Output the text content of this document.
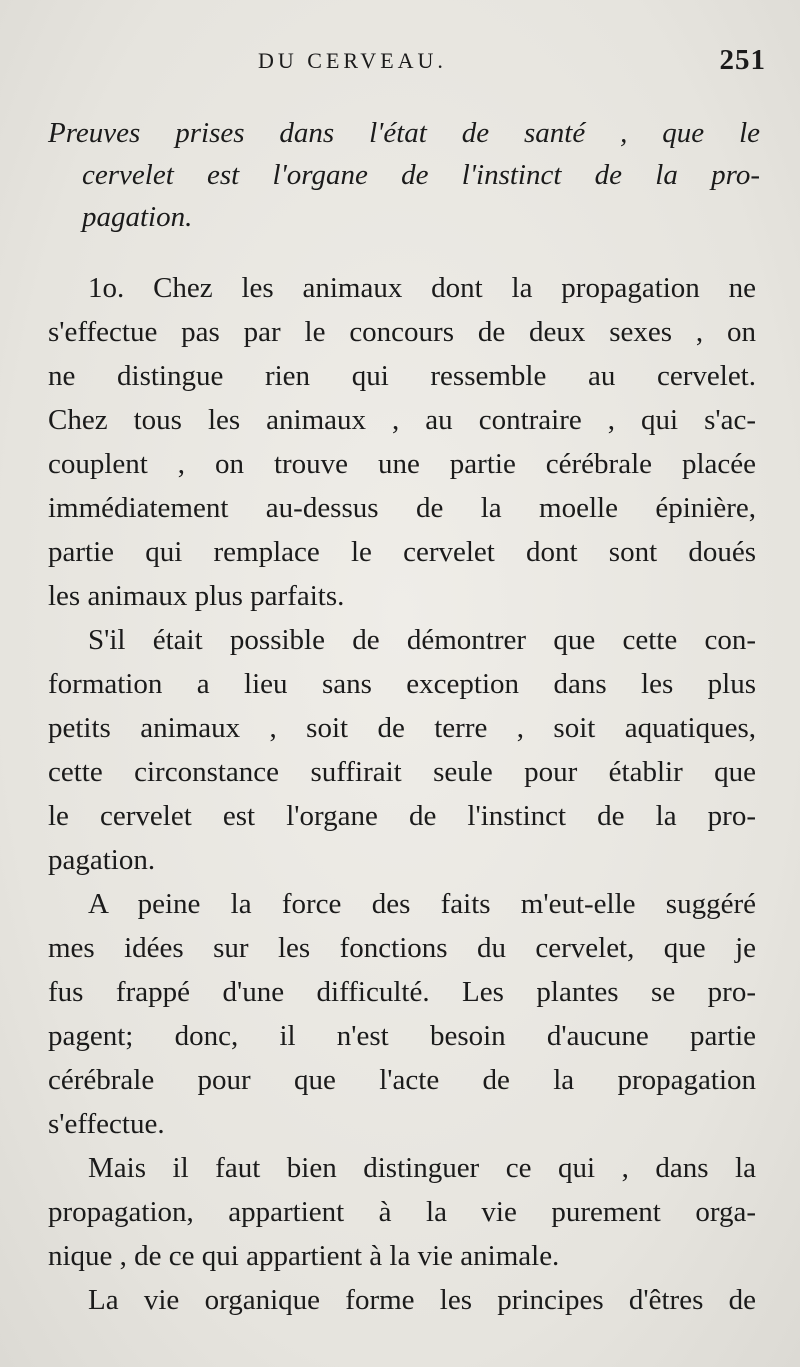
DU CERVEAU.	251
Preuves prises dans l'état de santé , que le
cervelet est l'organe de l'instinct de la pro-
pagation.
1o. Chez les animaux dont la propagation ne
s'effectue pas par le concours de deux sexes , on
ne distingue rien qui ressemble au cervelet.
Chez tous les animaux , au contraire , qui s'ac-
couplent , on trouve une partie cérébrale placée
immédiatement au-dessus de la moelle épinière,
partie qui remplace le cervelet dont sont doués
les animaux plus parfaits.
S'il était possible de démontrer que cette con-
formation a lieu sans exception dans les plus
petits animaux , soit de terre , soit aquatiques,
cette circonstance suffirait seule pour établir que
le cervelet est l'organe de l'instinct de la pro-
pagation.
A peine la force des faits m'eut-elle suggéré
mes idées sur les fonctions du cervelet, que je
fus frappé d'une difficulté. Les plantes se pro-
pagent; donc, il n'est besoin d'aucune partie
cérébrale pour que l'acte de la propagation
s'effectue.
Mais il faut bien distinguer ce qui , dans la
propagation, appartient à la vie purement orga-
nique , de ce qui appartient à la vie animale.
La vie organique forme les principes d'êtres de
